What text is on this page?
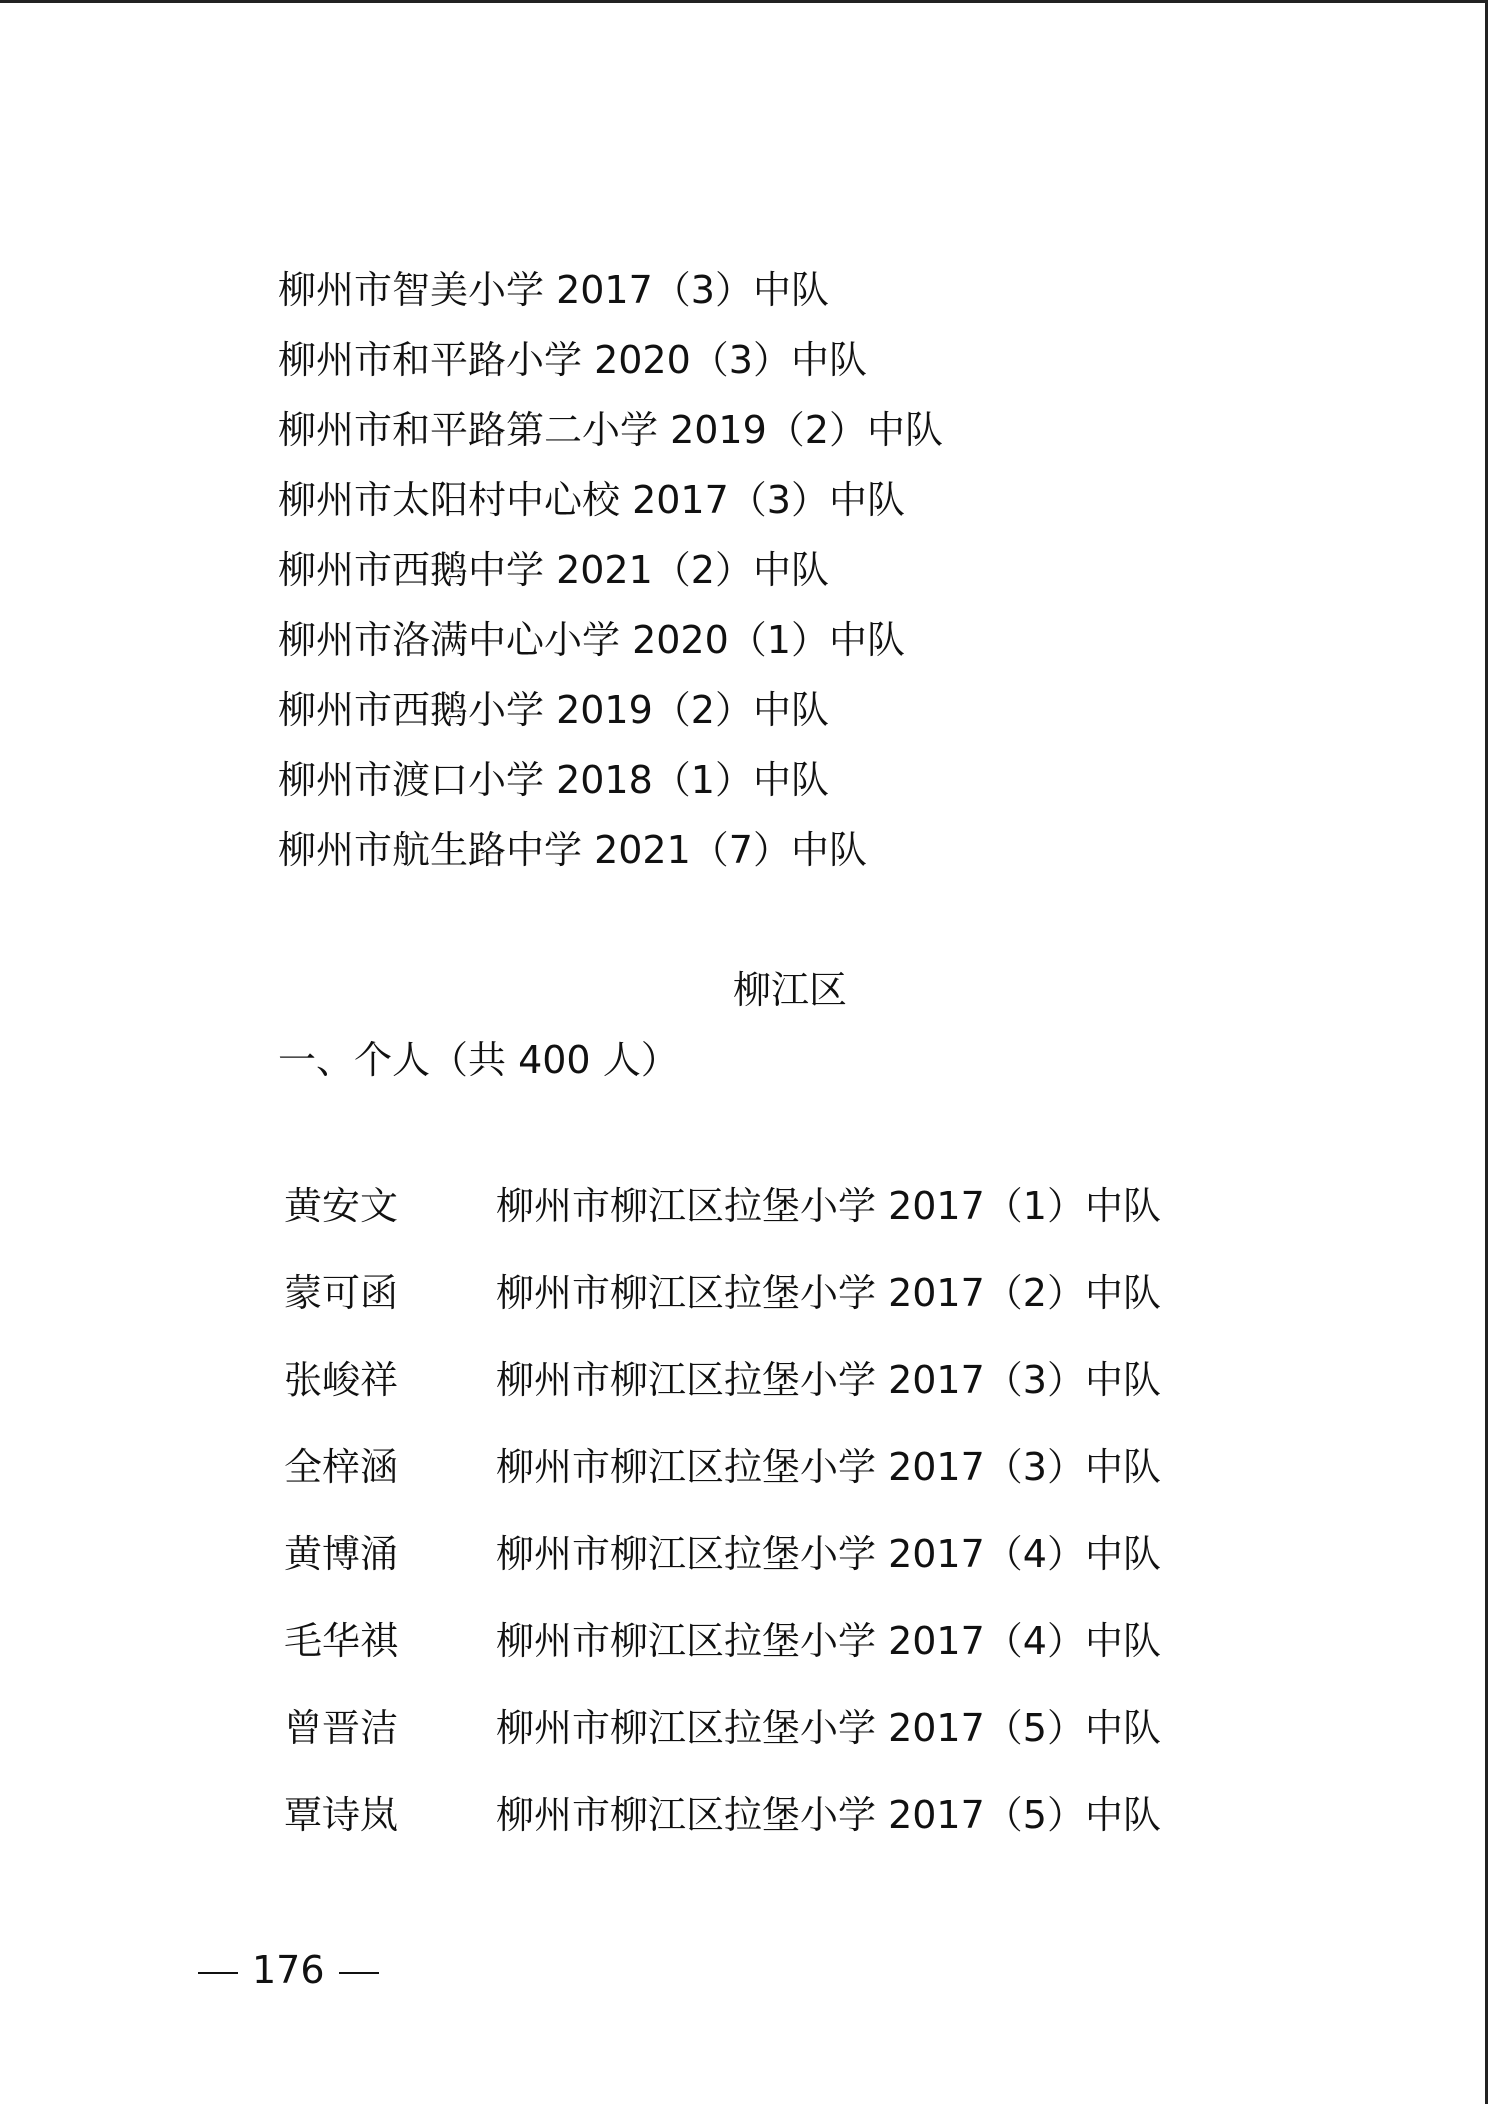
柳州市智美小学 2017（3）中队
柳州市和平路小学 2020（3）中队
柳州市和平路第二小学 2019（2）中队
柳州市太阳村中心校 2017（3）中队
柳州市西鹅中学 2021（2）中队
柳州市洛满中心小学 2020（1）中队
柳州市西鹅小学 2019（2）中队
柳州市渡口小学 2018（1）中队
柳州市航生路中学 2021（7）中队
柳江区
一、个人（共 400 人）
黄安文	柳州市柳江区拉堡小学 2017（1）中队
蒙可函	柳州市柳江区拉堡小学 2017（2）中队
张峻祥	柳州市柳江区拉堡小学 2017（3）中队
全梓涵	柳州市柳江区拉堡小学 2017（3）中队
黄博涌	柳州市柳江区拉堡小学 2017（4）中队
毛华祺	柳州市柳江区拉堡小学 2017（4）中队
曾晋洁	柳州市柳江区拉堡小学 2017（5）中队
覃诗岚	柳州市柳江区拉堡小学 2017（5）中队
176
